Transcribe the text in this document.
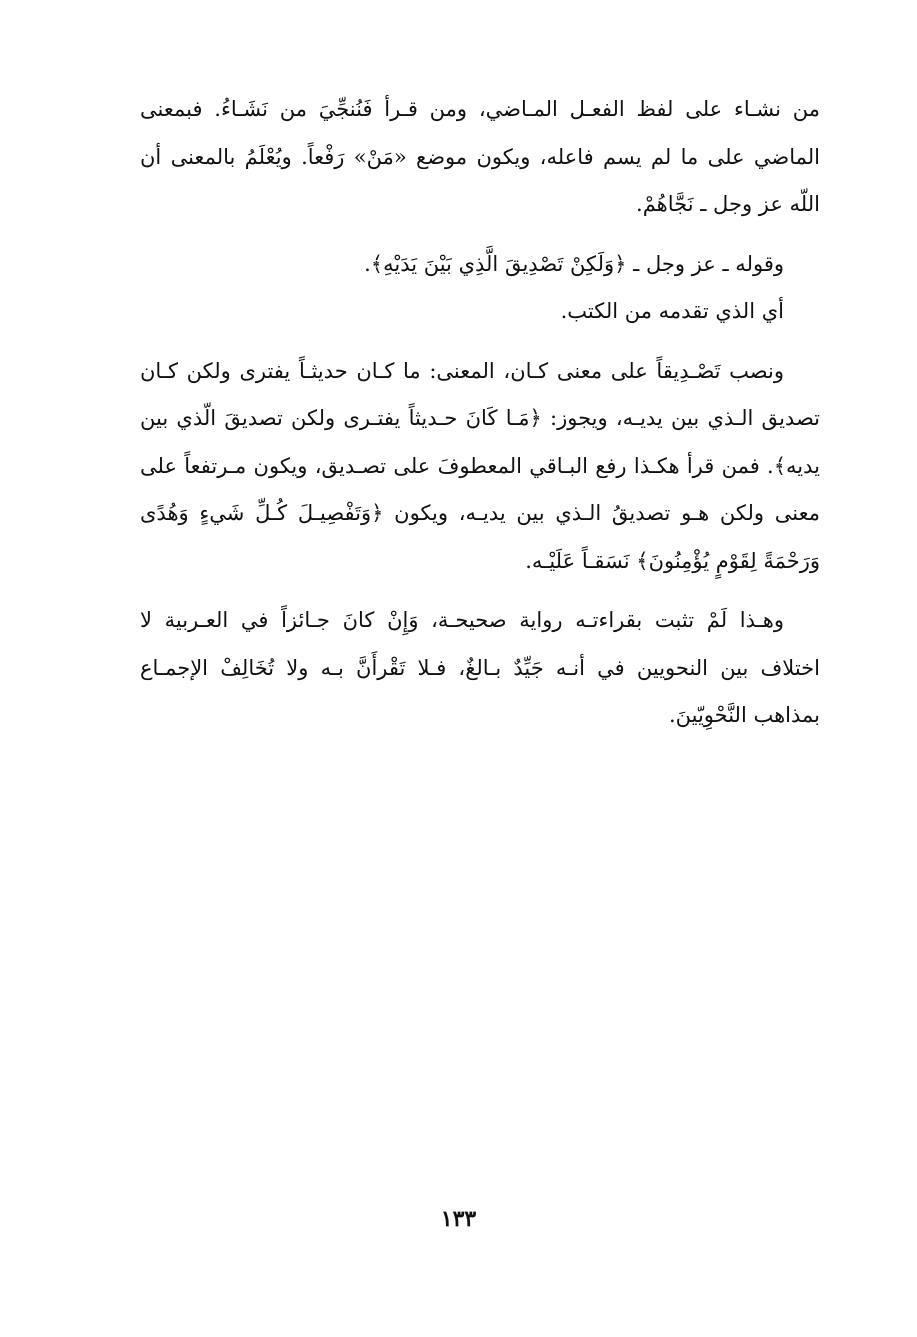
من نشـاء على لفظ الفعـل المـاضي، ومن قـرأ فَنُنجِّيَ من نَشَـاءُ. فبمعنى الماضي على ما لم يسم فاعله، ويكون موضع «مَنْ» رَفْعاً. ويُعْلَمُ بالمعنى أن اللّه عز وجل ـ نَجَّاهُمْ.

وقوله ـ عز وجل ـ ﴿وَلَكِنْ تَصْدِيقَ الَّذِي بَيْنَ يَدَيْهِ﴾.

أي الذي تقدمه من الكتب.

ونصب تَصْـدِيقاً على معنى كـان، المعنى: ما كـان حديثـاً يفترى ولكن كـان تصديق الـذي بين يديـه، ويجوز: ﴿مَـا كَانَ حـديثاً يفتـرى ولكن تصديقَ الّذي بين يديه﴾. فمن قرأ هكـذا رفع البـاقي المعطوفَ على تصـديق، ويكون مـرتفعاً على معنى ولكن هـو تصديقُ الـذي بين يديـه، ويكون ﴿وَتَفْصِيـلَ كُـلِّ شَيءٍ وَهُدًى وَرَحْمَةً لِقَوْمٍ يُؤْمِنُونَ﴾ نَسَقـاً عَلَيْـه.

وهـذا لَمْ تثبت بقراءتـه رواية صحيحـة، وَإِنْ كانَ جـائزاً في العـربية لا اختلاف بين النحويين في أنـه جَيِّدٌ بـالغٌ، فـلا تَقْرأَنَّ بـه ولا تُخَالِفْ الإجمـاع بمذاهب النَّحْوِيّينَ.

١٣٣
